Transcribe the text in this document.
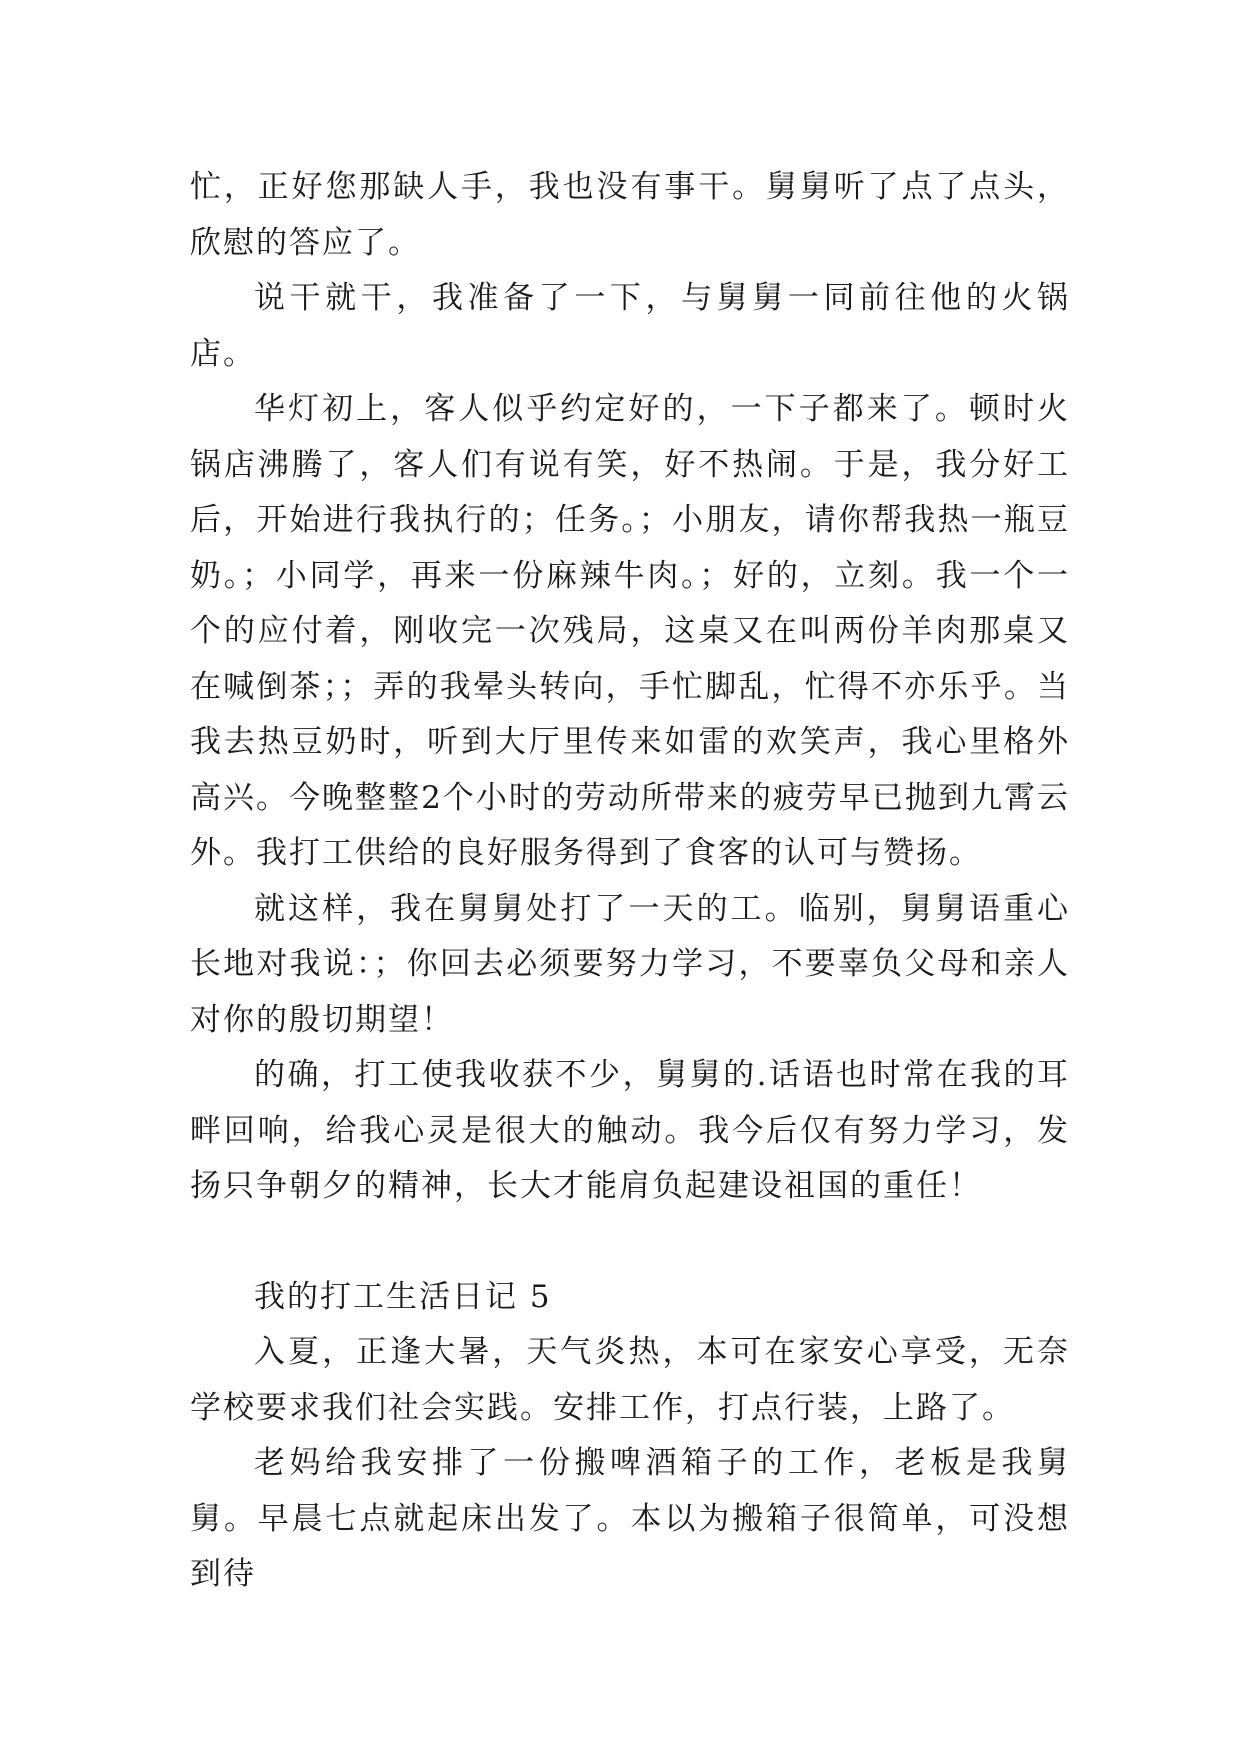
忙，正好您那缺人手，我也没有事干。舅舅听了点了点头，欣慰的答应了。

说干就干，我准备了一下，与舅舅一同前往他的火锅店。

华灯初上，客人似乎约定好的，一下子都来了。顿时火锅店沸腾了，客人们有说有笑，好不热闹。于是，我分好工后，开始进行我执行的；任务。；小朋友，请你帮我热一瓶豆奶。；小同学，再来一份麻辣牛肉。；好的，立刻。我一个一个的应付着，刚收完一次残局，这桌又在叫两份羊肉那桌又在喊倒茶；；弄的我晕头转向，手忙脚乱，忙得不亦乐乎。当我去热豆奶时，听到大厅里传来如雷的欢笑声，我心里格外高兴。今晚整整2个小时的劳动所带来的疲劳早已抛到九霄云外。我打工供给的良好服务得到了食客的认可与赞扬。

就这样，我在舅舅处打了一天的工。临别，舅舅语重心长地对我说：；你回去必须要努力学习，不要辜负父母和亲人对你的殷切期望！

的确，打工使我收获不少，舅舅的.话语也时常在我的耳畔回响，给我心灵是很大的触动。我今后仅有努力学习，发扬只争朝夕的精神，长大才能肩负起建设祖国的重任！

我的打工生活日记 5

入夏，正逢大暑，天气炎热，本可在家安心享受，无奈学校要求我们社会实践。安排工作，打点行装，上路了。

老妈给我安排了一份搬啤酒箱子的工作，老板是我舅舅。早晨七点就起床出发了。本以为搬箱子很简单，可没想到待
